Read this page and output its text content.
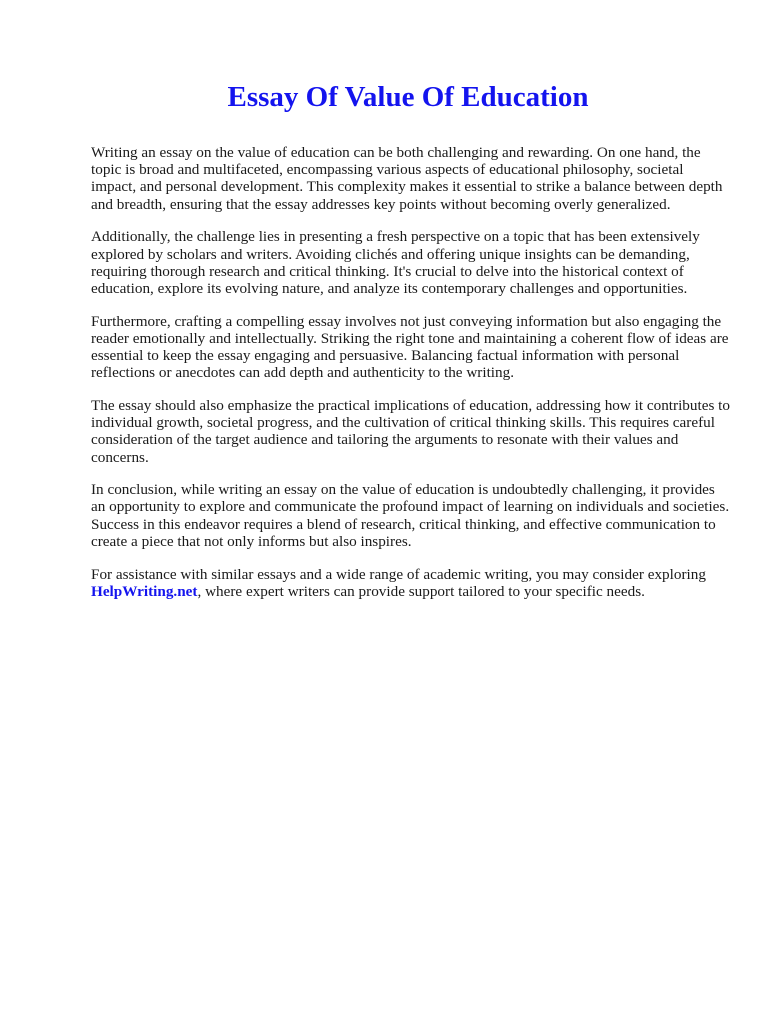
Essay Of Value Of Education

Writing an essay on the value of education can be both challenging and rewarding. On one hand, the topic is broad and multifaceted, encompassing various aspects of educational philosophy, societal impact, and personal development. This complexity makes it essential to strike a balance between depth and breadth, ensuring that the essay addresses key points without becoming overly generalized.

Additionally, the challenge lies in presenting a fresh perspective on a topic that has been extensively explored by scholars and writers. Avoiding clichés and offering unique insights can be demanding, requiring thorough research and critical thinking. It's crucial to delve into the historical context of education, explore its evolving nature, and analyze its contemporary challenges and opportunities.

Furthermore, crafting a compelling essay involves not just conveying information but also engaging the reader emotionally and intellectually. Striking the right tone and maintaining a coherent flow of ideas are essential to keep the essay engaging and persuasive. Balancing factual information with personal reflections or anecdotes can add depth and authenticity to the writing.

The essay should also emphasize the practical implications of education, addressing how it contributes to individual growth, societal progress, and the cultivation of critical thinking skills. This requires careful consideration of the target audience and tailoring the arguments to resonate with their values and concerns.

In conclusion, while writing an essay on the value of education is undoubtedly challenging, it provides an opportunity to explore and communicate the profound impact of learning on individuals and societies. Success in this endeavor requires a blend of research, critical thinking, and effective communication to create a piece that not only informs but also inspires.

For assistance with similar essays and a wide range of academic writing, you may consider exploring HelpWriting.net, where expert writers can provide support tailored to your specific needs.
